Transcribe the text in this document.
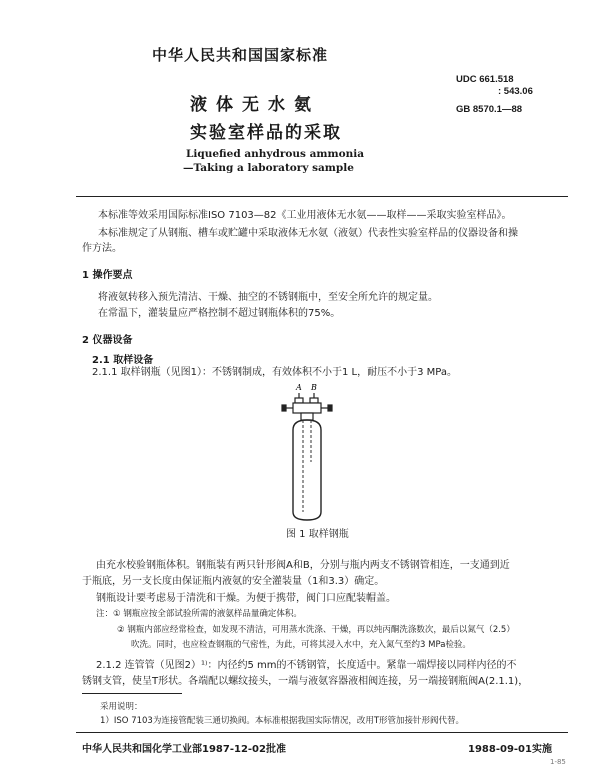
中华人民共和国国家标准
液体无水氨
实验室样品的采取
Liquefied anhydrous ammonia
—Taking a laboratory sample
UDC 661.518
: 543.06
GB 8570.1—88
本标准等效采用国际标准ISO 7103—82《工业用液体无水氨——取样——采取实验室样品》。
本标准规定了从钢瓶、槽车或贮罐中采取液体无水氨（液氨）代表性实验室样品的仪器设备和操
作方法。
1 操作要点
将液氨转移入预先清洁、干燥、抽空的不锈钢瓶中，至安全所允许的规定量。
在常温下，灌装量应严格控制不超过钢瓶体积的75%。
2 仪器设备
2.1 取样设备
2.1.1 取样钢瓶（见图1）：不锈钢制成，有效体积不小于1 L，耐压不小于3 MPa。
A B
图 1 取样钢瓶
由充水校验钢瓶体积。钢瓶装有两只针形阀A和B，分别与瓶内两支不锈钢管相连，一支通到近
于瓶底，另一支长度由保证瓶内液氨的安全灌装量（1和3.3）确定。
钢瓶设计要考虑易于清洗和干燥。为便于携带，阀门口应配装帽盖。
注：① 钢瓶应按全部试验所需的液氨样品量确定体积。
② 钢瓶内部应经常检查，如发现不清洁，可用蒸水洗涤、干燥，再以纯丙酮洗涤数次，最后以氮气（2.5）
吹洗。同时，也应检查钢瓶的气密性，为此，可将其浸入水中，充入氮气至约3 MPa检验。
2.1.2 连管管（见图2）¹⁾：内径约5 mm的不锈钢管，长度适中。紧靠一端焊接以同样内径的不
锈钢支管，使呈T形状。各端配以螺纹接头，一端与液氨容器液相阀连接，另一端接钢瓶阀A(2.1.1)，
采用说明：
1）ISO 7103为连接管配装三通切换阀。本标准根据我国实际情况，改用T形管加接针形阀代替。
中华人民共和国化学工业部1987-12-02批准	1988-09-01实施
1-85
